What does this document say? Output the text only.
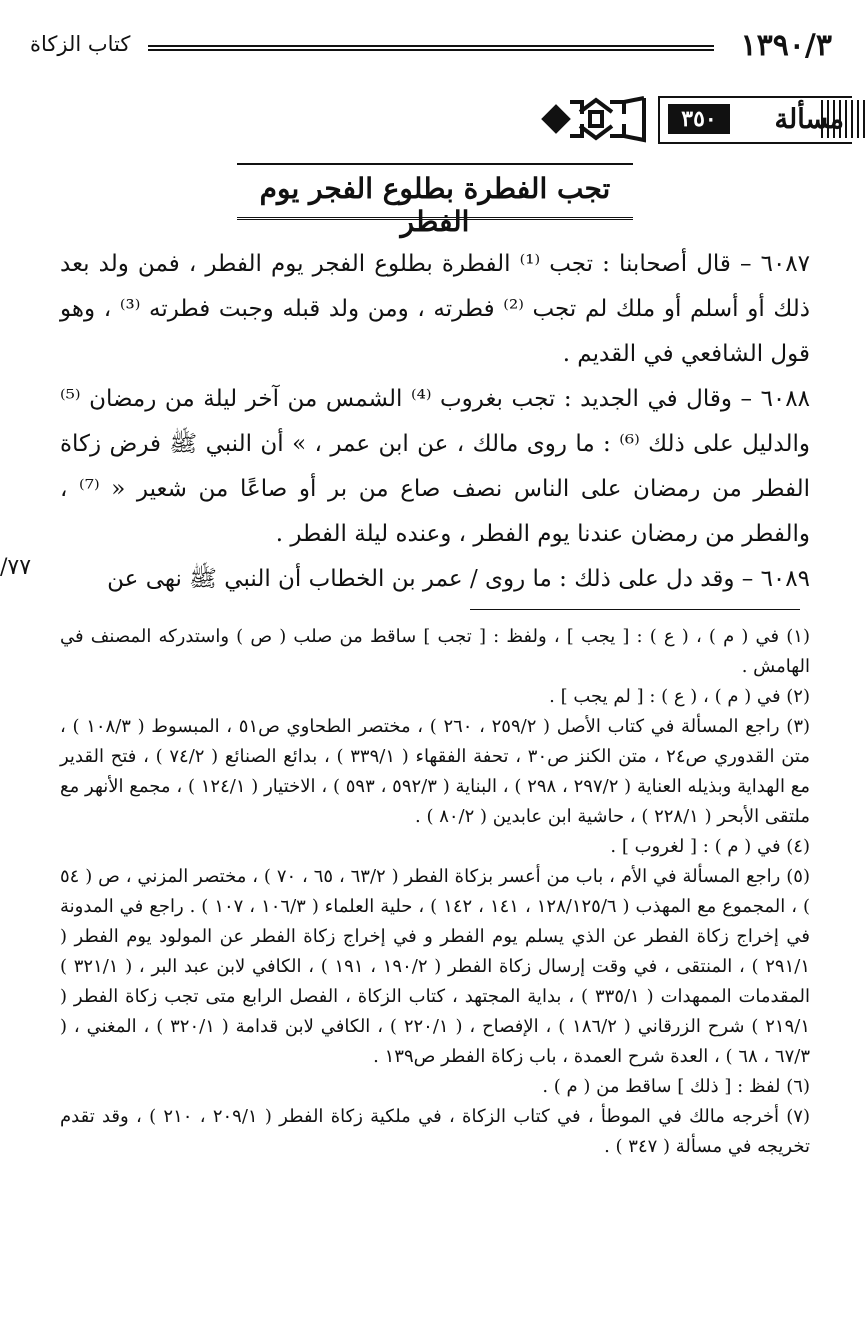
كتاب الزكاة	١٣٩٠/٣
مسألة
٣٥٠
تجب الفطرة بطلوع الفجر يوم الفطر

٦٠٨٧ – قال أصحابنا : تجب ⁽¹⁾ الفطرة بطلوع الفجر يوم الفطر ، فمن ولد بعد ذلك أو أسلم أو ملك لم تجب ⁽²⁾ فطرته ، ومن ولد قبله وجبت فطرته ⁽³⁾ ، وهو قول الشافعي في القديم .

٦٠٨٨ – وقال في الجديد : تجب بغروب ⁽⁴⁾ الشمس من آخر ليلة من رمضان ⁽⁵⁾ والدليل على ذلك ⁽⁶⁾ : ما روى مالك ، عن ابن عمر ، » أن النبي ﷺ فرض زكاة الفطر من رمضان على الناس نصف صاع من بر أو صاعًا من شعير « ⁽⁷⁾ ، والفطر من رمضان عندنا يوم الفطر ، وعنده ليلة الفطر .

٦٠٨٩ – وقد دل على ذلك : ما روى / عمر بن الخطاب أن النبي ﷺ نهى عن

/٧٧

(١) في ( م ) ، ( ع ) : [ يجب ] ، ولفظ : [ تجب ] ساقط من صلب ( ص ) واستدركه المصنف في الهامش .

(٢) في ( م ) ، ( ع ) : [ لم يجب ] .

(٣) راجع المسألة في كتاب الأصل ( ٢٥٩/٢ ، ٢٦٠ ) ، مختصر الطحاوي ص٥١ ، المبسوط ( ١٠٨/٣ ) ، متن القدوري ص٢٤ ، متن الكنز ص٣٠ ، تحفة الفقهاء ( ٣٣٩/١ ) ، بدائع الصنائع ( ٧٤/٢ ) ، فتح القدير مع الهداية وبذيله العناية ( ٢٩٧/٢ ، ٢٩٨ ) ، البناية ( ٥٩٢/٣ ، ٥٩٣ ) ، الاختيار ( ١٢٤/١ ) ، مجمع الأنهر مع ملتقى الأبحر ( ٢٢٨/١ ) ، حاشية ابن عابدين ( ٨٠/٢ ) .

(٤) في ( م ) : [ لغروب ] .

(٥) راجع المسألة في الأم ، باب من أعسر بزكاة الفطر ( ٦٣/٢ ، ٦٥ ، ٧٠ ) ، مختصر المزني ، ص ( ٥٤ ) ، المجموع مع المهذب ( ١٢٨/١٢٥/٦ ، ١٤١ ، ١٤٢ ) ، حلية العلماء ( ١٠٦/٣ ، ١٠٧ ) . راجع في المدونة في إخراج زكاة الفطر عن الذي يسلم يوم الفطر و في إخراج زكاة الفطر عن المولود يوم الفطر ( ٢٩١/١ ) ، المنتقى ، في وقت إرسال زكاة الفطر ( ١٩٠/٢ ، ١٩١ ) ، الكافي لابن عبد البر ، ( ٣٢١/١ ) المقدمات الممهدات ( ٣٣٥/١ ) ، بداية المجتهد ، كتاب الزكاة ، الفصل الرابع متى تجب زكاة الفطر ( ٢١٩/١ ) شرح الزرقاني ( ١٨٦/٢ ) ، الإفصاح ، ( ٢٢٠/١ ) ، الكافي لابن قدامة ( ٣٢٠/١ ) ، المغني ، ( ٦٧/٣ ، ٦٨ ) ، العدة شرح العمدة ، باب زكاة الفطر ص١٣٩ .

(٦) لفظ : [ ذلك ] ساقط من ( م ) .

(٧) أخرجه مالك في الموطأ ، في كتاب الزكاة ، في ملكية زكاة الفطر ( ٢٠٩/١ ، ٢١٠ ) ، وقد تقدم تخريجه في مسألة ( ٣٤٧ ) .
